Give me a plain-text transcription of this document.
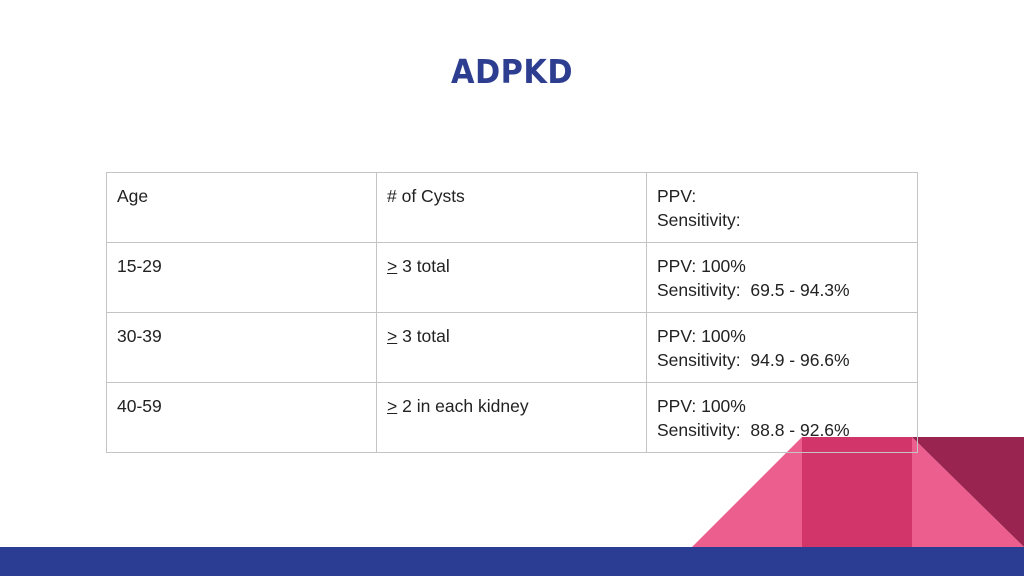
ADPKD
Age	# of Cysts	PPV:
Sensitivity:

15-29	> 3 total	PPV: 100%
Sensitivity:  69.5 - 94.3%

30-39	> 3 total	PPV: 100%
Sensitivity:  94.9 - 96.6%

40-59	> 2 in each kidney	PPV: 100%
Sensitivity:  88.8 - 92.6%
